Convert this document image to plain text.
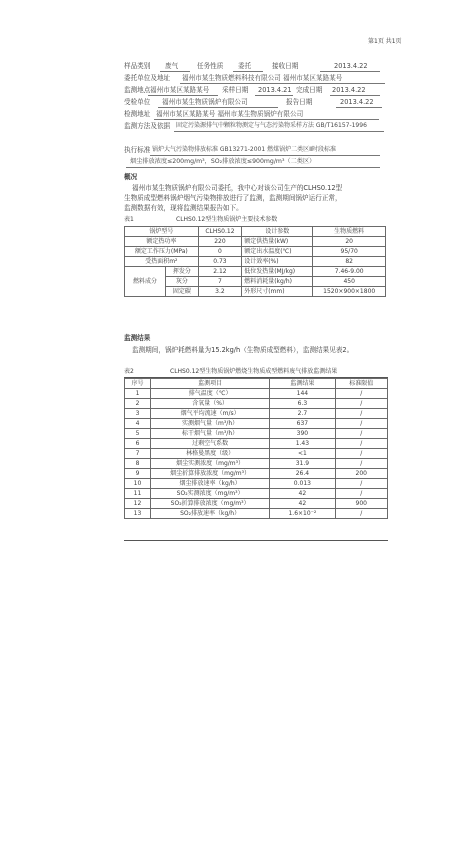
第1页 共1页
样品类别 废气	任务性质 委托	接收日期	2013.4.22
委托单位及地址 福州市某生物质燃料科技有限公司 福州市某区某路某号
监测地点 福州市某区某路某号 采样日期 2013.4.21 完成日期 2013.4.22
受检单位 福州市某生物质锅炉有限公司	报告日期	2013.4.22
检测地址 福州市某区某路某号 福州市某生物质锅炉有限公司
监测方法及依据 固定污染源排气中颗粒物测定与气态污染物采样方法 GB/T16157-1996
执行标准 锅炉大气污染物排放标准 GB13271-2001 燃煤锅炉二类区Ⅱ时段标准
烟尘排放浓度≤200mg/m³，SO₂排放浓度≤900mg/m³（二类区）
概况
福州市某生物质锅炉有限公司委托，我中心对该公司生产的CLHS0.12型
生物质成型燃料锅炉烟气污染物排放进行了监测，监测期间锅炉运行正常，
监测数据有效，现将监测结果报告如下。
表1	CLHS0.12型生物质锅炉主要技术参数
锅炉型号		CLHS0.12	设计参数	生物质燃料
额定热功率		220	额定供热量(kW)	20
额定工作压力(MPa)		0	额定出水温度(℃)	95/70
受热面积m²		0.73	设计效率(%)	82
燃料成分	挥发分	2.12	低位发热量(MJ/kg)	7.46-9.00
	灰分	7	燃料消耗量(kg/h)	450
	固定碳	3.2	外形尺寸(mm)	1520×900×1800
监测结果
监测期间，锅炉耗燃料量为15.2kg/h（生物质成型燃料），监测结果见表2。
表2	CLHS0.12型生物质锅炉燃烧生物质成型燃料废气排放监测结果
序号	监测项目	监测结果	标准限值
1	排气温度（℃）	144	/
2	含氧量（%）	6.3	/
3	烟气平均流速（m/s）	2.7	/
4	实测烟气量（m³/h）	637	/
5	标干烟气量（m³/h）	390	/
6	过剩空气系数	1.43	/
7	林格曼黑度（级）	<1	/
8	烟尘实测浓度（mg/m³）	31.9	/
9	烟尘折算排放浓度（mg/m³）	26.4	200
10	烟尘排放速率（kg/h）	0.013	/
11	SO₂实测浓度（mg/m³）	42	/
12	SO₂折算排放浓度（mg/m³）	42	900
13	SO₂排放速率（kg/h）	1.6×10⁻²	/
